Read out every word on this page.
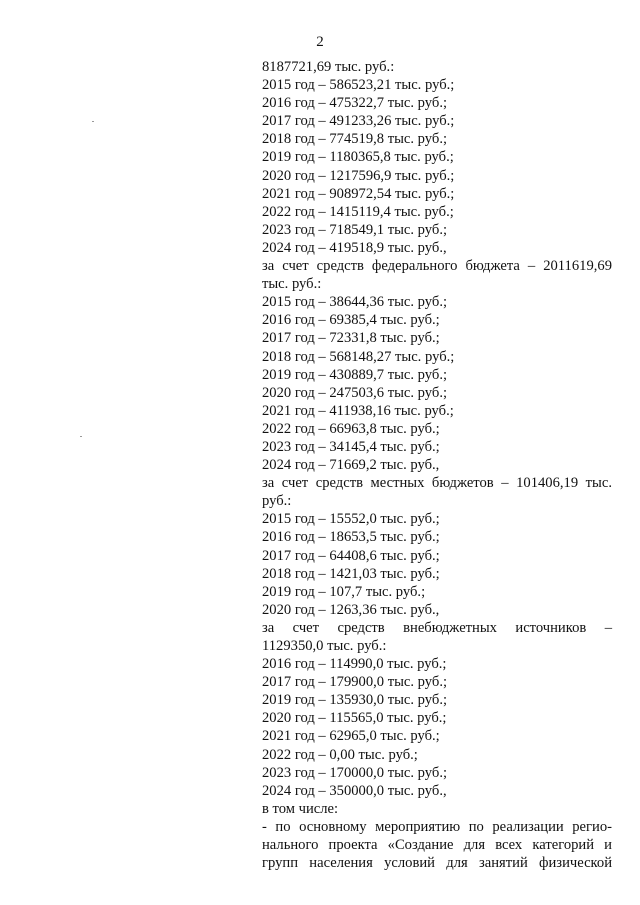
2
8187721,69 тыс. руб.:
2015 год – 586523,21 тыс. руб.;
2016 год – 475322,7 тыс. руб.;
2017 год – 491233,26 тыс. руб.;
2018 год – 774519,8 тыс. руб.;
2019 год – 1180365,8 тыс. руб.;
2020 год – 1217596,9 тыс. руб.;
2021 год – 908972,54 тыс. руб.;
2022 год – 1415119,4 тыс. руб.;
2023 год – 718549,1 тыс. руб.;
2024 год – 419518,9 тыс. руб.,
за счет средств федерального бюджета – 2011619,69
тыс. руб.:
2015 год – 38644,36 тыс. руб.;
2016 год – 69385,4 тыс. руб.;
2017 год – 72331,8 тыс. руб.;
2018 год – 568148,27 тыс. руб.;
2019 год – 430889,7 тыс. руб.;
2020 год – 247503,6 тыс. руб.;
2021 год – 411938,16 тыс. руб.;
2022 год – 66963,8 тыс. руб.;
2023 год – 34145,4 тыс. руб.;
2024 год – 71669,2 тыс. руб.,
за счет средств местных бюджетов – 101406,19 тыс.
руб.:
2015 год – 15552,0 тыс. руб.;
2016 год – 18653,5 тыс. руб.;
2017 год – 64408,6 тыс. руб.;
2018 год – 1421,03 тыс. руб.;
2019 год – 107,7 тыс. руб.;
2020 год – 1263,36 тыс. руб.,
за счет средств внебюджетных источников –
1129350,0 тыс. руб.:
2016 год – 114990,0 тыс. руб.;
2017 год – 179900,0 тыс. руб.;
2019 год – 135930,0 тыс. руб.;
2020 год – 115565,0 тыс. руб.;
2021 год – 62965,0 тыс. руб.;
2022 год – 0,00 тыс. руб.;
2023 год – 170000,0 тыс. руб.;
2024 год – 350000,0 тыс. руб.,
в том числе:
- по основному мероприятию по реализации регио-
нального проекта «Создание для всех категорий и
групп населения условий для занятий физической
